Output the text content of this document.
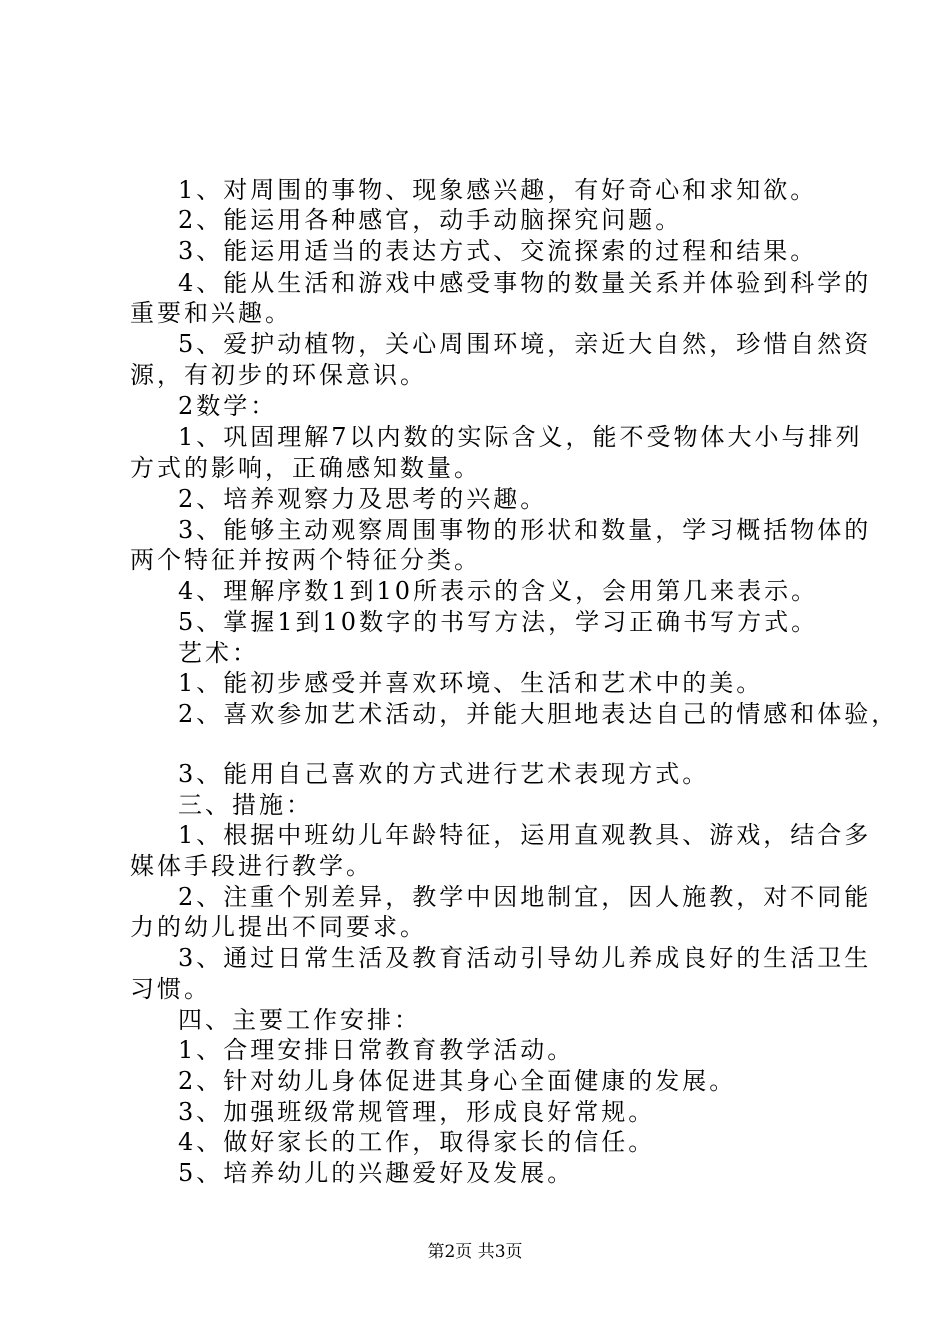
1、对周围的事物、现象感兴趣，有好奇心和求知欲。
2、能运用各种感官，动手动脑探究问题。
3、能运用适当的表达方式、交流探索的过程和结果。
4、能从生活和游戏中感受事物的数量关系并体验到科学的
重要和兴趣。
5、爱护动植物，关心周围环境，亲近大自然，珍惜自然资
源，有初步的环保意识。
2数学：
1、巩固理解7以内数的实际含义，能不受物体大小与排列
方式的影响，正确感知数量。
2、培养观察力及思考的兴趣。
3、能够主动观察周围事物的形状和数量，学习概括物体的
两个特征并按两个特征分类。
4、理解序数1到10所表示的含义，会用第几来表示。
5、掌握1到10数字的书写方法，学习正确书写方式。
艺术：
1、能初步感受并喜欢环境、生活和艺术中的美。
2、喜欢参加艺术活动，并能大胆地表达自己的情感和体验，
3、能用自己喜欢的方式进行艺术表现方式。
三、措施：
1、根据中班幼儿年龄特征，运用直观教具、游戏，结合多
媒体手段进行教学。
2、注重个别差异，教学中因地制宜，因人施教，对不同能
力的幼儿提出不同要求。
3、通过日常生活及教育活动引导幼儿养成良好的生活卫生
习惯。
四、主要工作安排：
1、合理安排日常教育教学活动。
2、针对幼儿身体促进其身心全面健康的发展。
3、加强班级常规管理，形成良好常规。
4、做好家长的工作，取得家长的信任。
5、培养幼儿的兴趣爱好及发展。
第2页 共3页
